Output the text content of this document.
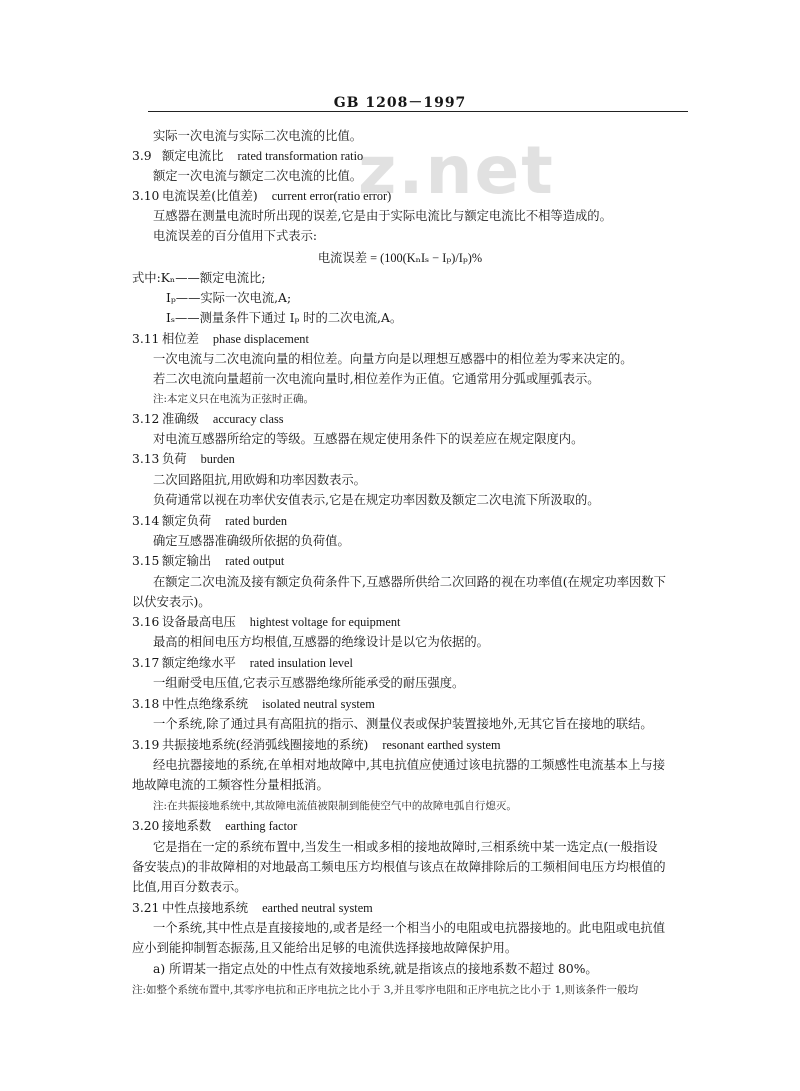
z.net
GB 1208－1997
实际一次电流与实际二次电流的比值。
3.9 额定电流比 rated transformation ratio
额定一次电流与额定二次电流的比值。
3.10 电流误差(比值差) current error(ratio error)
互感器在测量电流时所出现的误差,它是由于实际电流比与额定电流比不相等造成的。
电流误差的百分值用下式表示:
电流误差 = (100(KₙIₛ − Iₚ)/Iₚ)%
式中:Kₙ——额定电流比;
Iₚ——实际一次电流,A;
Iₛ——测量条件下通过 Iₚ 时的二次电流,A。
3.11 相位差 phase displacement
一次电流与二次电流向量的相位差。向量方向是以理想互感器中的相位差为零来决定的。
若二次电流向量超前一次电流向量时,相位差作为正值。它通常用分弧或厘弧表示。
注:本定义只在电流为正弦时正确。
3.12 准确级 accuracy class
对电流互感器所给定的等级。互感器在规定使用条件下的误差应在规定限度内。
3.13 负荷 burden
二次回路阻抗,用欧姆和功率因数表示。
负荷通常以视在功率伏安值表示,它是在规定功率因数及额定二次电流下所汲取的。
3.14 额定负荷 rated burden
确定互感器准确级所依据的负荷值。
3.15 额定输出 rated output
在额定二次电流及接有额定负荷条件下,互感器所供给二次回路的视在功率值(在规定功率因数下
以伏安表示)。
3.16 设备最高电压 hightest voltage for equipment
最高的相间电压方均根值,互感器的绝缘设计是以它为依据的。
3.17 额定绝缘水平 rated insulation level
一组耐受电压值,它表示互感器绝缘所能承受的耐压强度。
3.18 中性点绝缘系统 isolated neutral system
一个系统,除了通过具有高阻抗的指示、测量仪表或保护装置接地外,无其它旨在接地的联结。
3.19 共振接地系统(经消弧线圈接地的系统) resonant earthed system
经电抗器接地的系统,在单相对地故障中,其电抗值应使通过该电抗器的工频感性电流基本上与接
地故障电流的工频容性分量相抵消。
注:在共振接地系统中,其故障电流值被限制到能使空气中的故障电弧自行熄灭。
3.20 接地系数 earthing factor
它是指在一定的系统布置中,当发生一相或多相的接地故障时,三相系统中某一选定点(一般指设
备安装点)的非故障相的对地最高工频电压方均根值与该点在故障排除后的工频相间电压方均根值的
比值,用百分数表示。
3.21 中性点接地系统 earthed neutral system
一个系统,其中性点是直接接地的,或者是经一个相当小的电阻或电抗器接地的。此电阻或电抗值
应小到能抑制暂态振荡,且又能给出足够的电流供选择接地故障保护用。
a) 所谓某一指定点处的中性点有效接地系统,就是指该点的接地系数不超过 80%。
注:如整个系统布置中,其零序电抗和正序电抗之比小于 3,并且零序电阻和正序电抗之比小于 1,则该条件一般均
